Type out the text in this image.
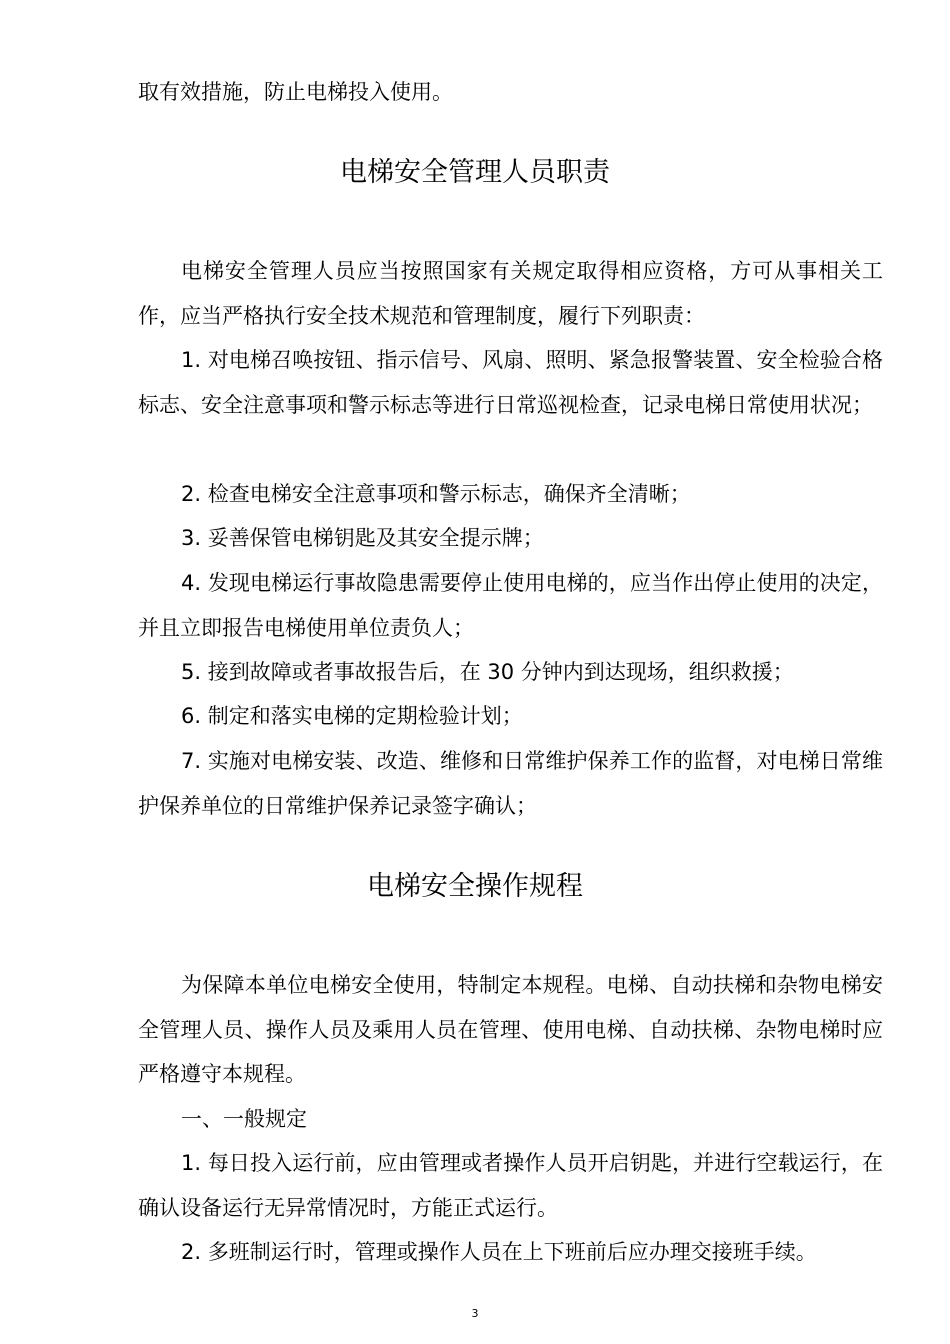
取有效措施，防止电梯投入使用。

电梯安全管理人员职责

电梯安全管理人员应当按照国家有关规定取得相应资格，方可从事相关工作，应当严格执行安全技术规范和管理制度，履行下列职责：

1. 对电梯召唤按钮、指示信号、风扇、照明、紧急报警装置、安全检验合格标志、安全注意事项和警示标志等进行日常巡视检查，记录电梯日常使用状况；

2. 检查电梯安全注意事项和警示标志，确保齐全清晰；

3. 妥善保管电梯钥匙及其安全提示牌；

4. 发现电梯运行事故隐患需要停止使用电梯的，应当作出停止使用的决定，并且立即报告电梯使用单位责负人；

5. 接到故障或者事故报告后，在 30 分钟内到达现场，组织救援；

6. 制定和落实电梯的定期检验计划；

7. 实施对电梯安装、改造、维修和日常维护保养工作的监督，对电梯日常维护保养单位的日常维护保养记录签字确认；

电梯安全操作规程

为保障本单位电梯安全使用，特制定本规程。电梯、自动扶梯和杂物电梯安全管理人员、操作人员及乘用人员在管理、使用电梯、自动扶梯、杂物电梯时应严格遵守本规程。

一、一般规定

1. 每日投入运行前，应由管理或者操作人员开启钥匙，并进行空载运行，在确认设备运行无异常情况时，方能正式运行。

2. 多班制运行时，管理或操作人员在上下班前后应办理交接班手续。

3
